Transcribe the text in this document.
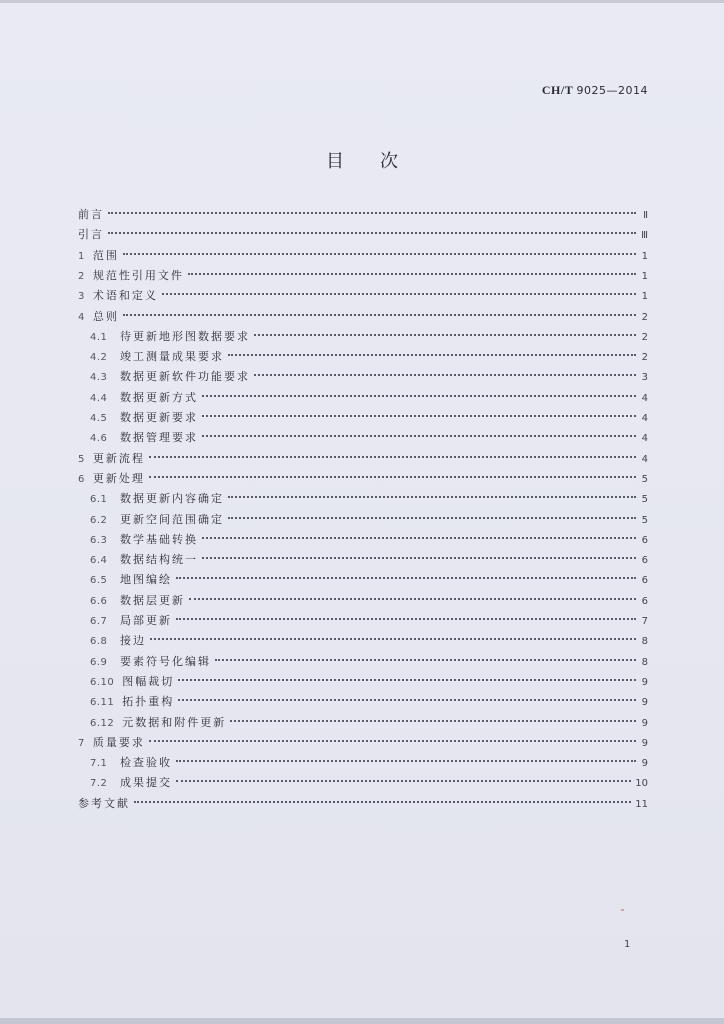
CH/T 9025—2014
目次
前言	Ⅱ
引言	Ⅲ
1 范围	1
2 规范性引用文件	1
3 术语和定义	1
4 总则	2
4.1	待更新地形图数据要求	2
4.2	竣工测量成果要求	2
4.3	数据更新软件功能要求	3
4.4	数据更新方式	4
4.5	数据更新要求	4
4.6	数据管理要求	4
5 更新流程	4
6 更新处理	5
6.1	数据更新内容确定	5
6.2	更新空间范围确定	5
6.3	数学基础转换	6
6.4	数据结构统一	6
6.5	地图编绘	6
6.6	数据层更新	6
6.7	局部更新	7
6.8	接边	8
6.9	要素符号化编辑	8
6.10 图幅裁切	9
6.11 拓扑重构	9
6.12 元数据和附件更新	9
7 质量要求	9
7.1	检查验收	9
7.2	成果提交	10
参考文献	11
1
